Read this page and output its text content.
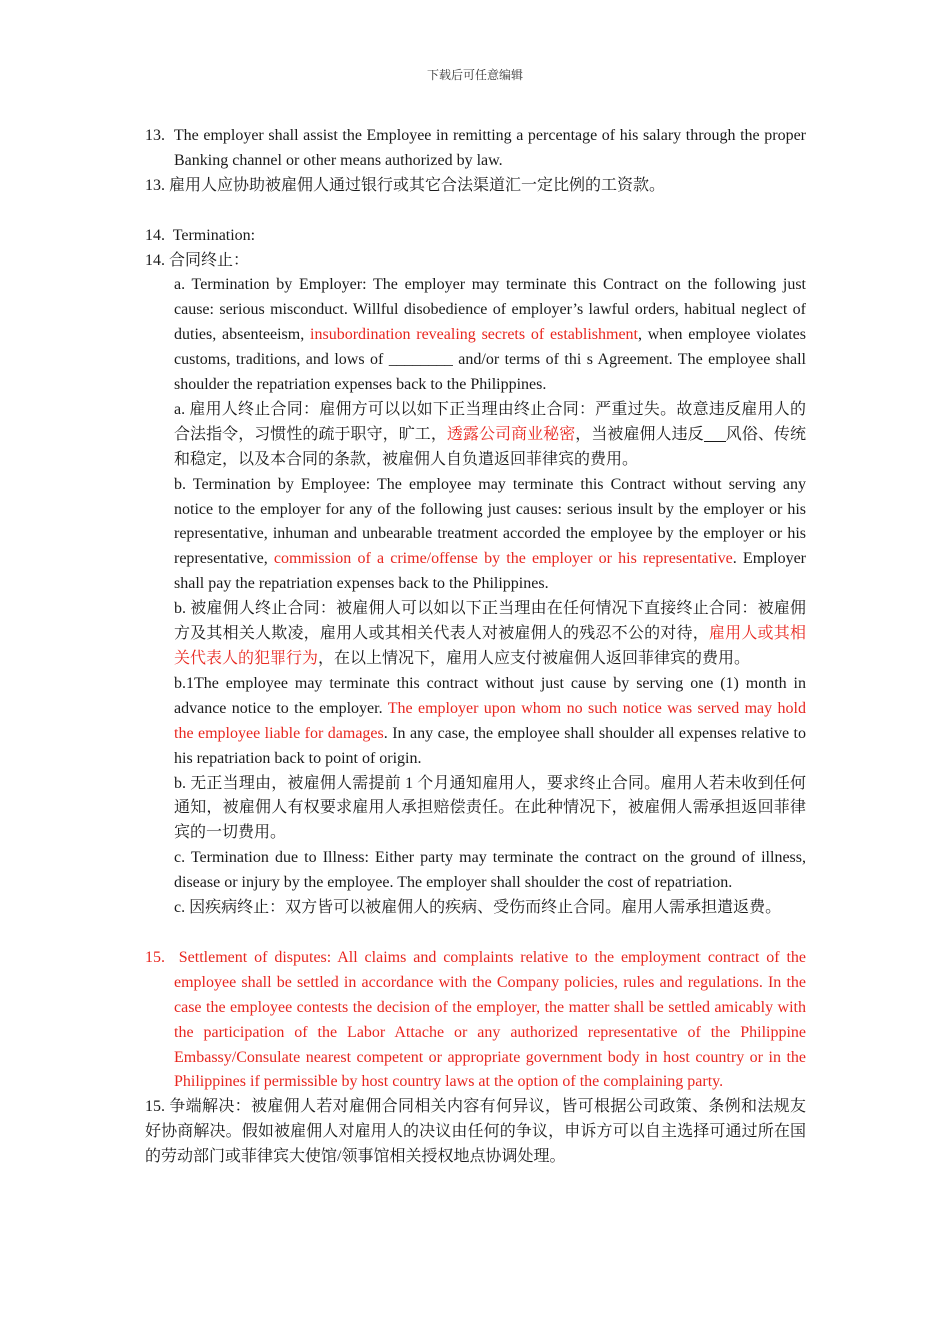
下载后可任意编辑

13.  The employer shall assist the Employee in remitting a percentage of his salary through the proper Banking channel or other means authorized by law.

13. 雇用人应协助被雇佣人通过银行或其它合法渠道汇一定比例的工资款。

14.  Termination:

14. 合同终止：

a. Termination by Employer: The employer may terminate this Contract on the following just cause: serious misconduct. Willful disobedience of employer’s lawful orders, habitual neglect of duties, absenteeism, insubordination revealing secrets of establishment, when employee violates customs, traditions, and lows of ________ and/or terms of thi s Agreement. The employee shall shoulder the repatriation expenses back to the Philippines.

a. 雇用人终止合同：雇佣方可以以如下正当理由终止合同：严重过失。故意违反雇用人的合法指令，习惯性的疏于职守，旷工，透露公司商业秘密，当被雇佣人违反 风俗、传统和稳定，以及本合同的条款，被雇佣人自负遣返回菲律宾的费用。

b. Termination by Employee: The employee may terminate this Contract without serving any notice to the employer for any of the following just causes: serious insult by the employer or his representative, inhuman and unbearable treatment accorded the employee by the employer or his representative, commission of a crime/offense by the employer or his representative. Employer shall pay the repatriation expenses back to the Philippines.

b. 被雇佣人终止合同：被雇佣人可以如以下正当理由在任何情况下直接终止合同：被雇佣方及其相关人欺凌，雇用人或其相关代表人对被雇佣人的残忍不公的对待，雇用人或其相关代表人的犯罪行为，在以上情况下，雇用人应支付被雇佣人返回菲律宾的费用。

b.1The employee may terminate this contract without just cause by serving one (1) month in advance notice to the employer. The employer upon whom no such notice was served may hold the employee liable for damages. In any case, the employee shall shoulder all expenses relative to his repatriation back to point of origin.

b. 无正当理由，被雇佣人需提前 1 个月通知雇用人，要求终止合同。雇用人若未收到任何通知，被雇佣人有权要求雇用人承担赔偿责任。在此种情况下，被雇佣人需承担返回菲律宾的一切费用。

c. Termination due to Illness: Either party may terminate the contract on the ground of illness, disease or injury by the employee. The employer shall shoulder the cost of repatriation.

c. 因疾病终止：双方皆可以被雇佣人的疾病、受伤而终止合同。雇用人需承担遣返费。

15.  Settlement of disputes: All claims and complaints relative to the employment contract of the employee shall be settled in accordance with the Company policies, rules and regulations. In the case the employee contests the decision of the employer, the matter shall be settled amicably with the participation of the Labor Attache or any authorized representative of the Philippine Embassy/Consulate nearest competent or appropriate government body in host country or in the Philippines if permissible by host country laws at the option of the complaining party.

15. 争端解决：被雇佣人若对雇佣合同相关内容有何异议，皆可根据公司政策、条例和法规友好协商解决。假如被雇佣人对雇用人的决议由任何的争议，申诉方可以自主选择可通过所在国的劳动部门或菲律宾大使馆/领事馆相关授权地点协调处理。
